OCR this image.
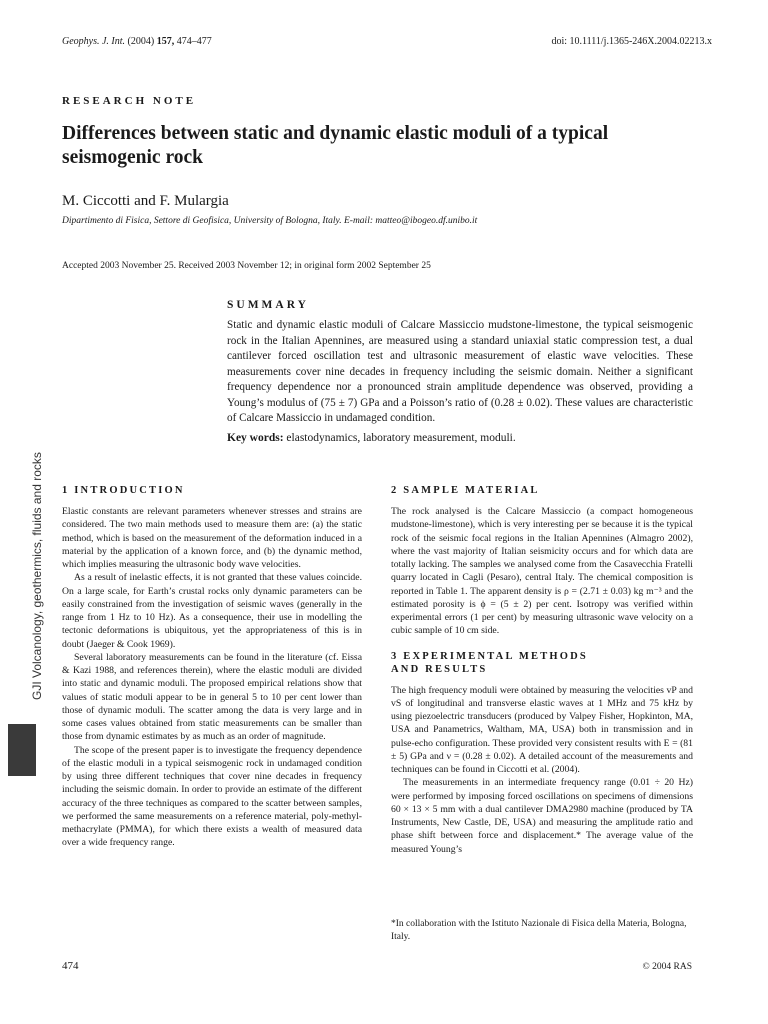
Geophys. J. Int. (2004) 157, 474–477	doi: 10.1111/j.1365-246X.2004.02213.x
RESEARCH NOTE
Differences between static and dynamic elastic moduli of a typical seismogenic rock
M. Ciccotti and F. Mulargia
Dipartimento di Fisica, Settore di Geofisica, University of Bologna, Italy. E-mail: matteo@ibogeo.df.unibo.it
Accepted 2003 November 25. Received 2003 November 12; in original form 2002 September 25
SUMMARY
Static and dynamic elastic moduli of Calcare Massiccio mudstone-limestone, the typical seismogenic rock in the Italian Apennines, are measured using a standard uniaxial static compression test, a dual cantilever forced oscillation test and ultrasonic measurement of elastic wave velocities. These measurements cover nine decades in frequency including the seismic domain. Neither a significant frequency dependence nor a pronounced strain amplitude dependence was observed, providing a Young’s modulus of (75 ± 7) GPa and a Poisson’s ratio of (0.28 ± 0.02). These values are characteristic of Calcare Massiccio in undamaged condition.
Key words: elastodynamics, laboratory measurement, moduli.
GJI Volcanology, geothermics, fluids and rocks 1 INTRODUCTION

Elastic constants are relevant parameters whenever stresses and strains are considered. The two main methods used to measure them are: (a) the static method, which is based on the measurement of the deformation induced in a material by the application of a known force, and (b) the dynamic method, which implies measuring the ultrasonic body wave velocities.

As a result of inelastic effects, it is not granted that these values coincide. On a large scale, for Earth’s crustal rocks only dynamic parameters can be easily constrained from the investigation of seismic waves (generally in the range from 1 Hz to 10 Hz). As a consequence, their use in modelling the tectonic deformations is ubiquitous, yet the appropriateness of this is in doubt (Jaeger & Cook 1969).

Several laboratory measurements can be found in the literature (cf. Eissa & Kazi 1988, and references therein), where the elastic moduli are divided into static and dynamic moduli. The proposed empirical relations show that values of static moduli appear to be in general 5 to 10 per cent lower than those of dynamic moduli. The scatter among the data is very large and in some cases values obtained from static measurements can be smaller than those from dynamic estimates by as much as an order of magnitude.

The scope of the present paper is to investigate the frequency dependence of the elastic moduli in a typical seismogenic rock in undamaged condition by using three different techniques that cover nine decades in frequency including the seismic domain. In order to provide an estimate of the different accuracy of the three techniques as compared to the scatter between samples, we performed the same measurements on a reference material, poly-methyl-methacrylate (PMMA), for which there exists a wealth of measured data over a wide frequency range.

2 SAMPLE MATERIAL

The rock analysed is the Calcare Massiccio (a compact homogeneous mudstone-limestone), which is very interesting per se because it is the typical rock of the seismic focal regions in the Italian Apennines (Almagro 2002), where the vast majority of Italian seismicity occurs and for which data are totally lacking. The samples we analysed come from the Casavecchia Fratelli quarry located in Cagli (Pesaro), central Italy. The chemical composition is reported in Table 1. The apparent density is ρ = (2.71 ± 0.03) kg m⁻³ and the estimated porosity is ϕ = (5 ± 2) per cent. Isotropy was verified within experimental errors (1 per cent) by measuring ultrasonic wave velocity on a cubic sample of 10 cm side.

3 EXPERIMENTAL METHODS
AND RESULTS

The high frequency moduli were obtained by measuring the velocities vP and vS of longitudinal and transverse elastic waves at 1 MHz and 75 kHz by using piezoelectric transducers (produced by Valpey Fisher, Hopkinton, MA, USA and Panametrics, Waltham, MA, USA) both in transmission and in pulse-echo configuration. These provided very consistent results with E = (81 ± 5) GPa and ν = (0.28 ± 0.02). A detailed account of the measurements and techniques can be found in Ciccotti et al. (2004).

The measurements in an intermediate frequency range (0.01 ÷ 20 Hz) were performed by imposing forced oscillations on specimens of dimensions 60 × 13 × 5 mm with a dual cantilever DMA2980 machine (produced by TA Instruments, New Castle, DE, USA) and measuring the amplitude ratio and phase shift between force and displacement.* The average value of the measured Young’s

*In collaboration with the Istituto Nazionale di Fisica della Materia, Bologna, Italy.
474	© 2004 RAS
